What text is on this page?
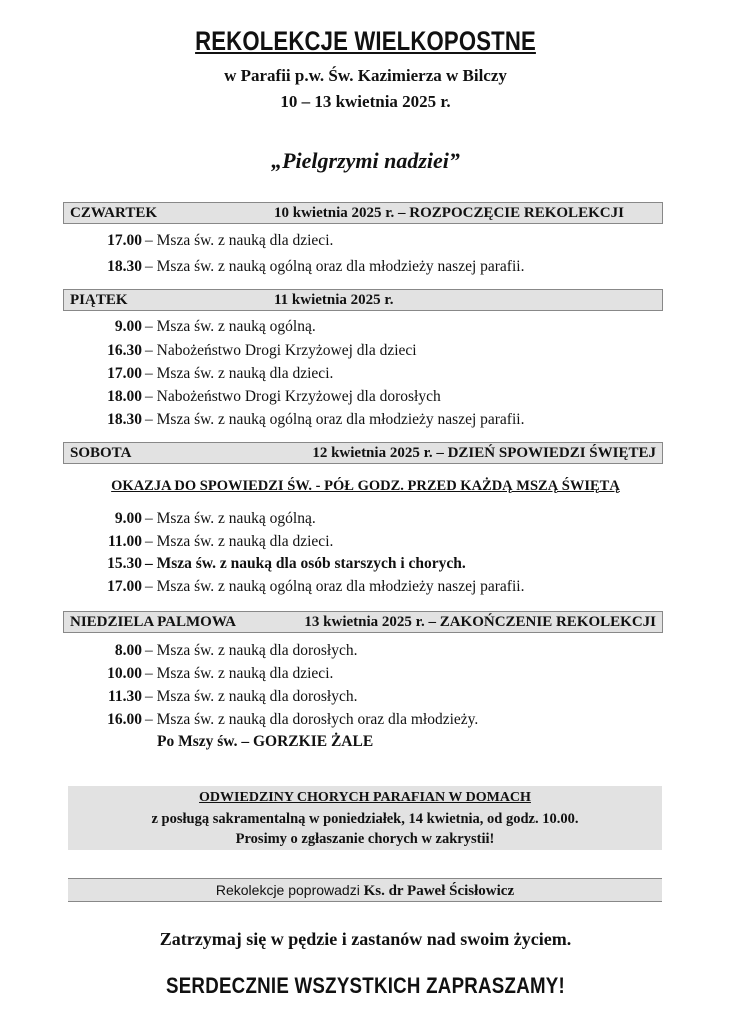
REKOLEKCJE WIELKOPOSTNE
w Parafii p.w. Św. Kazimierza w Bilczy
10 – 13 kwietnia 2025 r.
„Pielgrzymi nadziei”
CZWARTEK	10 kwietnia 2025 r. – ROZPOCZĘCIE REKOLEKCJI
17.00 – Msza św. z nauką dla dzieci.
18.30 – Msza św. z nauką ogólną oraz dla młodzieży naszej parafii.
PIĄTEK	11 kwietnia 2025 r.
9.00 – Msza św. z nauką ogólną.
16.30 – Nabożeństwo Drogi Krzyżowej dla dzieci
17.00 – Msza św. z nauką dla dzieci.
18.00 – Nabożeństwo Drogi Krzyżowej dla dorosłych
18.30 – Msza św. z nauką ogólną oraz dla młodzieży naszej parafii.
SOBOTA	12 kwietnia 2025 r. – DZIEŃ SPOWIEDZI ŚWIĘTEJ
OKAZJA DO SPOWIEDZI ŚW. - PÓŁ GODZ. PRZED KAŻDĄ MSZĄ ŚWIĘTĄ
9.00 – Msza św. z nauką ogólną.
11.00 – Msza św. z nauką dla dzieci.
15.30 – Msza św. z nauką dla osób starszych i chorych.
17.00 – Msza św. z nauką ogólną oraz dla młodzieży naszej parafii.
NIEDZIELA PALMOWA	13 kwietnia 2025 r. – ZAKOŃCZENIE REKOLEKCJI
8.00 – Msza św. z nauką dla dorosłych.
10.00 – Msza św. z nauką dla dzieci.
11.30 – Msza św. z nauką dla dorosłych.
16.00 – Msza św. z nauką dla dorosłych oraz dla młodzieży.
Po Mszy św. – GORZKIE ŻALE
ODWIEDZINY CHORYCH PARAFIAN W DOMACH
z posługą sakramentalną w poniedziałek, 14 kwietnia, od godz. 10.00.
Prosimy o zgłaszanie chorych w zakrystii!
Rekolekcje poprowadzi Ks. dr Paweł Ścisłowicz
Zatrzymaj się w pędzie i zastanów nad swoim życiem.
SERDECZNIE WSZYSTKICH ZAPRASZAMY!
